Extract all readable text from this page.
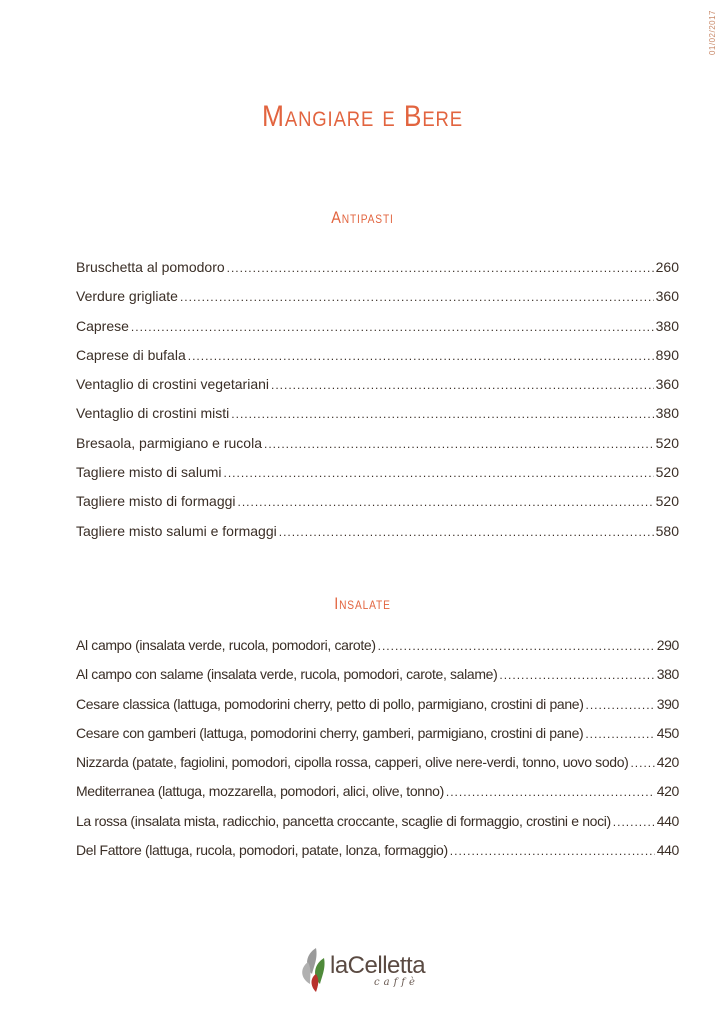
01/02/2017
Mangiare e Bere
Antipasti
Bruschetta al pomodoro .....	260
Verdure grigliate .....	360
Caprese .....	380
Caprese di bufala .....	890
Ventaglio di crostini vegetariani .....	360
Ventaglio di crostini misti .....	380
Bresaola, parmigiano e rucola .....	520
Tagliere misto di salumi .....	520
Tagliere misto di formaggi .....	520
Tagliere misto salumi e formaggi .....	580
Insalate
Al campo (insalata verde, rucola, pomodori, carote) .....	290
Al campo con salame (insalata verde, rucola, pomodori, carote, salame) .....	380
Cesare classica (lattuga, pomodorini cherry, petto di pollo, parmigiano, crostini di pane) .....	390
Cesare con gamberi (lattuga, pomodorini cherry, gamberi, parmigiano, crostini di pane) .....	450
Nizzarda (patate, fagiolini, pomodori, cipolla rossa, capperi, olive nere-verdi, tonno, uovo sodo) ..... 420
Mediterranea (lattuga, mozzarella, pomodori, alici, olive, tonno) .....	420
La rossa (insalata mista, radicchio, pancetta croccante, scaglie di formaggio, crostini e noci) .....	440
Del Fattore (lattuga, rucola, pomodori, patate, lonza, formaggio) .....	440
laCelletta
caffè
